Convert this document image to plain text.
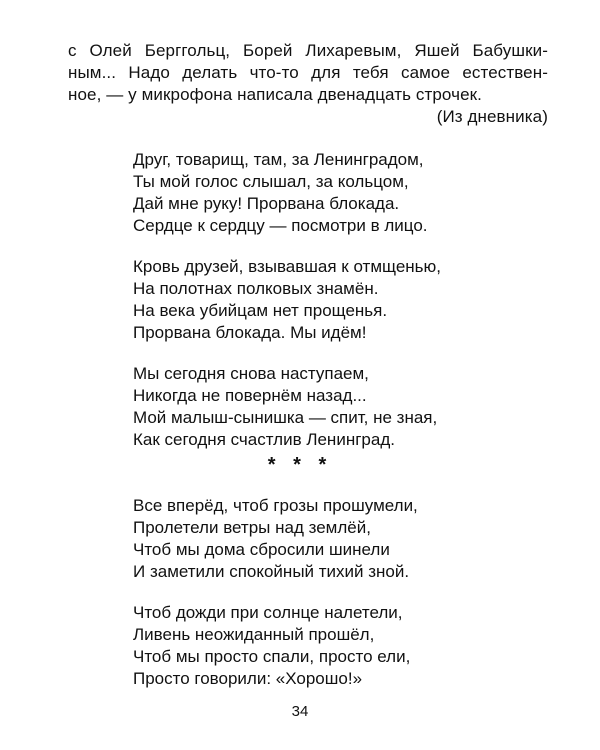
с Олей Берггольц, Борей Лихаревым, Яшей Бабушки-
ным... Надо делать что-то для тебя самое естествен-
ное, — у микрофона написала двенадцать строчек.
(Из дневника)
Друг, товарищ, там, за Ленинградом,
Ты мой голос слышал, за кольцом,
Дай мне руку! Прорвана блокада.
Сердце к сердцу — посмотри в лицо.
Кровь друзей, взывавшая к отмщенью,
На полотнах полковых знамён.
На века убийцам нет прощенья.
Прорвана блокада. Мы идём!
Мы сегодня снова наступаем,
Никогда не повернём назад...
Мой малыш-сынишка — спит, не зная,
Как сегодня счастлив Ленинград.
* * *
Все вперёд, чтоб грозы прошумели,
Пролетели ветры над землёй,
Чтоб мы дома сбросили шинели
И заметили спокойный тихий зной.
Чтоб дожди при солнце налетели,
Ливень неожиданный прошёл,
Чтоб мы просто спали, просто ели,
Просто говорили: «Хорошо!»
34
